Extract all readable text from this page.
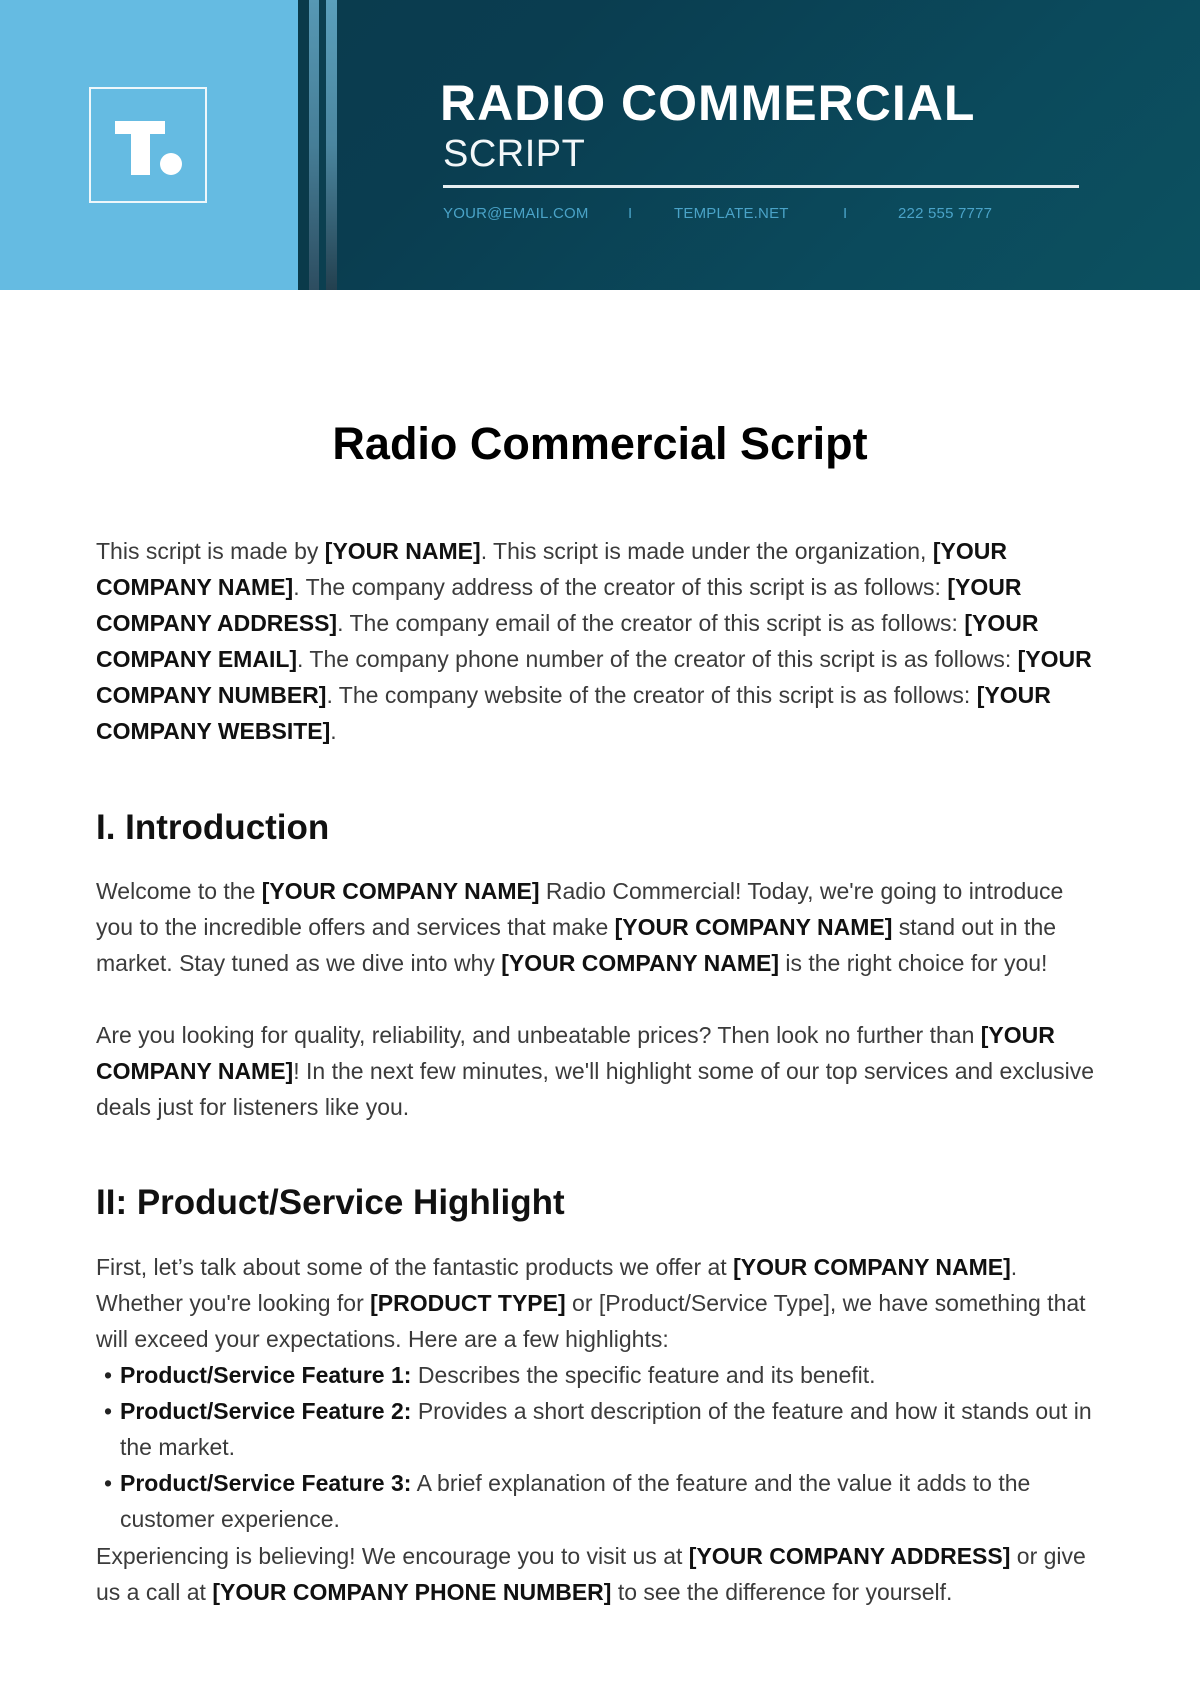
RADIO COMMERCIAL
SCRIPT
YOUR@EMAIL.COM	I	TEMPLATE.NET	I	222 555 7777
Radio Commercial Script

This script is made by [YOUR NAME]. This script is made under the organization, [YOUR COMPANY NAME]. The company address of the creator of this script is as follows: [YOUR COMPANY ADDRESS]. The company email of the creator of this script is as follows: [YOUR COMPANY EMAIL]. The company phone number of the creator of this script is as follows: [YOUR COMPANY NUMBER]. The company website of the creator of this script is as follows: [YOUR COMPANY WEBSITE].

I. Introduction

Welcome to the [YOUR COMPANY NAME] Radio Commercial! Today, we're going to introduce you to the incredible offers and services that make [YOUR COMPANY NAME] stand out in the market. Stay tuned as we dive into why [YOUR COMPANY NAME] is the right choice for you!

Are you looking for quality, reliability, and unbeatable prices? Then look no further than [YOUR COMPANY NAME]! In the next few minutes, we'll highlight some of our top services and exclusive deals just for listeners like you.

II: Product/Service Highlight

First, let’s talk about some of the fantastic products we offer at [YOUR COMPANY NAME]. Whether you're looking for [PRODUCT TYPE] or [Product/Service Type], we have something that will exceed your expectations. Here are a few highlights:

• Product/Service Feature 1: Describes the specific feature and its benefit.
• Product/Service Feature 2: Provides a short description of the feature and how it stands out in the market.
• Product/Service Feature 3: A brief explanation of the feature and the value it adds to the customer experience.

Experiencing is believing! We encourage you to visit us at [YOUR COMPANY ADDRESS] or give us a call at [YOUR COMPANY PHONE NUMBER] to see the difference for yourself.
